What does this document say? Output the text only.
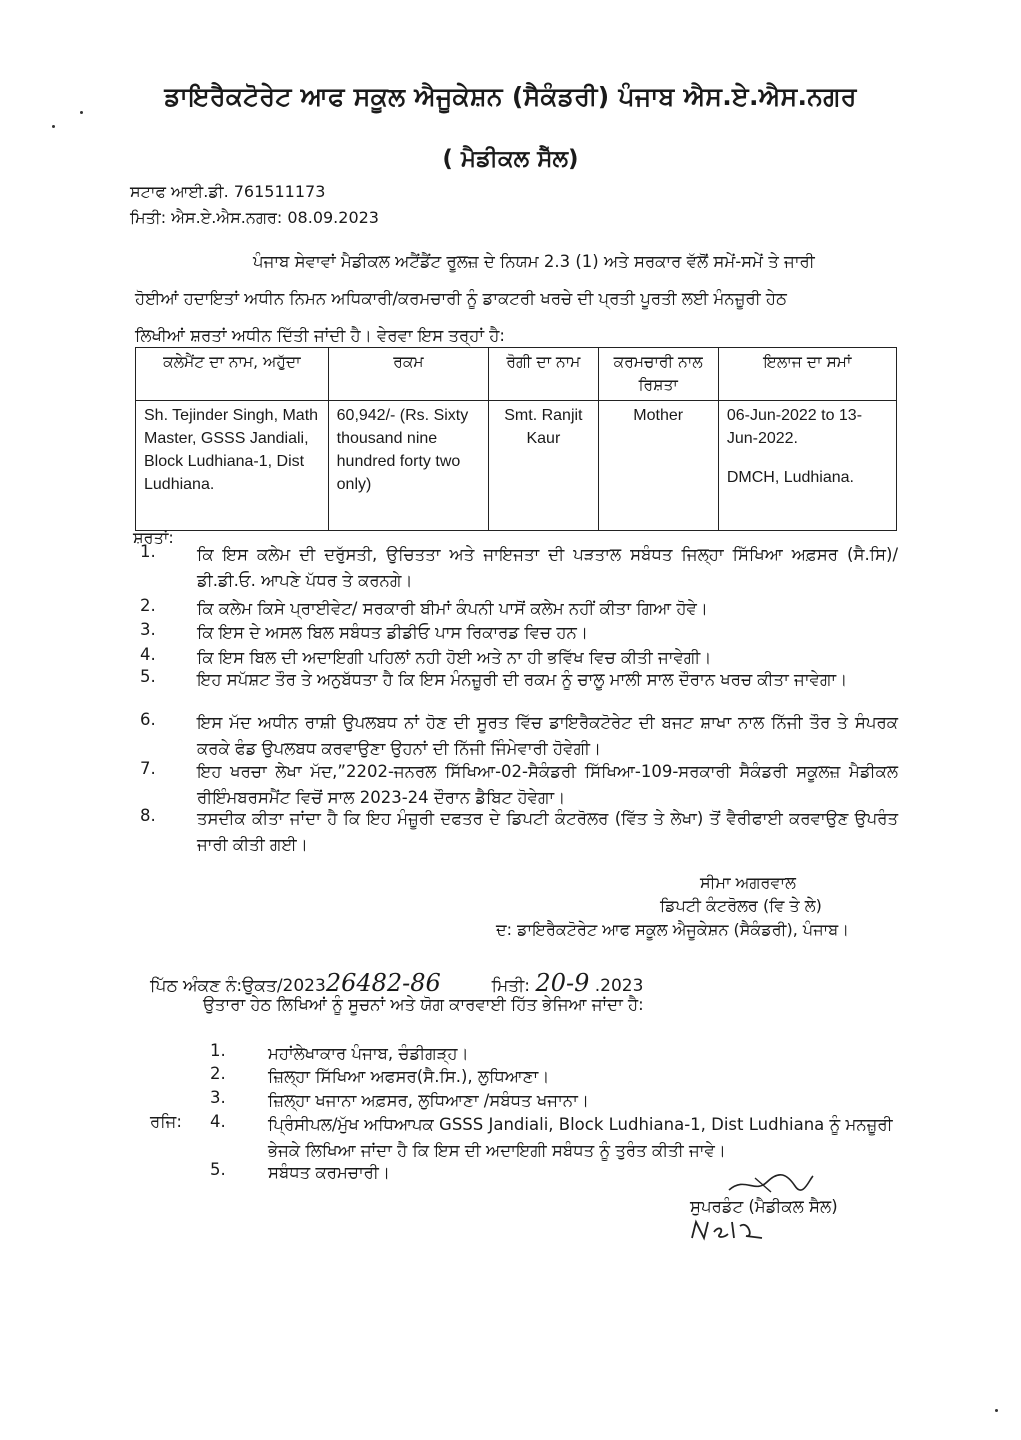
ਡਾਇਰੈਕਟੋਰੇਟ ਆਫ ਸਕੂਲ ਐਜੂਕੇਸ਼ਨ (ਸੈਕੰਡਰੀ) ਪੰਜਾਬ ਐਸ.ਏ.ਐਸ.ਨਗਰ
( ਮੈਡੀਕਲ ਸੈੱਲ)
ਸਟਾਫ ਆਈ.ਡੀ. 761511173
ਮਿਤੀ: ਐਸ.ਏ.ਐਸ.ਨਗਰ: 08.09.2023
ਪੰਜਾਬ ਸੇਵਾਵਾਂ ਮੈਡੀਕਲ ਅਟੈਂਡੈਂਟ ਰੂਲਜ਼ ਦੇ ਨਿਯਮ 2.3 (1) ਅਤੇ ਸਰਕਾਰ ਵੱਲੋਂ ਸਮੇਂ-ਸਮੇਂ ਤੇ ਜਾਰੀ
ਹੋਈਆਂ ਹਦਾਇਤਾਂ ਅਧੀਨ ਨਿਮਨ ਅਧਿਕਾਰੀ/ਕਰਮਚਾਰੀ ਨੂੰ ਡਾਕਟਰੀ ਖਰਚੇ ਦੀ ਪ੍ਰਤੀ ਪੂਰਤੀ ਲਈ ਮੰਨਜ਼ੂਰੀ ਹੇਠ
ਲਿਖੀਆਂ ਸ਼ਰਤਾਂ ਅਧੀਨ ਦਿੱਤੀ ਜਾਂਦੀ ਹੈ। ਵੇਰਵਾ ਇਸ ਤਰ੍ਹਾਂ ਹੈ:
ਕਲੇਮੈਂਟ ਦਾ ਨਾਮ, ਅਹੁੱਦਾ	ਰਕਮ	ਰੋਗੀ ਦਾ ਨਾਮ	ਕਰਮਚਾਰੀ ਨਾਲ ਰਿਸ਼ਤਾ	ਇਲਾਜ ਦਾ ਸਮਾਂ
Sh. Tejinder Singh, Math Master, GSSS Jandiali, Block Ludhiana-1, Dist Ludhiana.	60,942/- (Rs. Sixty thousand nine hundred forty two only)	Smt. Ranjit Kaur	Mother	06-Jun-2022 to 13-Jun-2022.
DMCH, Ludhiana.
ਸ਼ਰਤਾਂ:
1.	ਕਿ ਇਸ ਕਲੇਮ ਦੀ ਦਰੁੱਸਤੀ, ਉਚਿਤਤਾ ਅਤੇ ਜਾਇਜਤਾ ਦੀ ਪੜਤਾਲ ਸਬੰਧਤ ਜਿਲ੍ਹਾ ਸਿੱਖਿਆ ਅਫ਼ਸਰ (ਸੈ.ਸਿ)/ ਡੀ.ਡੀ.ਓ. ਆਪਣੇ ਪੱਧਰ ਤੇ ਕਰਨਗੇ।
2.	ਕਿ ਕਲੇਮ ਕਿਸੇ ਪ੍ਰਾਈਵੇਟ/ ਸਰਕਾਰੀ ਬੀਮਾਂ ਕੰਪਨੀ ਪਾਸੋਂ ਕਲੇਮ ਨਹੀਂ ਕੀਤਾ ਗਿਆ ਹੋਵੇ।
3.	ਕਿ ਇਸ ਦੇ ਅਸਲ ਬਿਲ ਸਬੰਧਤ ਡੀਡੀਓ ਪਾਸ ਰਿਕਾਰਡ ਵਿਚ ਹਨ।
4.	ਕਿ ਇਸ ਬਿਲ ਦੀ ਅਦਾਇਗੀ ਪਹਿਲਾਂ ਨਹੀ ਹੋਈ ਅਤੇ ਨਾ ਹੀ ਭਵਿੱਖ ਵਿਚ ਕੀਤੀ ਜਾਵੇਗੀ।
5.	ਇਹ ਸਪੱਸ਼ਟ ਤੌਰ ਤੇ ਅਨੁਬੱਧਤਾ ਹੈ ਕਿ ਇਸ ਮੰਨਜ਼ੂਰੀ ਦੀ ਰਕਮ ਨੂੰ ਚਾਲੂ ਮਾਲੀ ਸਾਲ ਦੌਰਾਨ ਖਰਚ ਕੀਤਾ ਜਾਵੇਗਾ।
6.	ਇਸ ਮੱਦ ਅਧੀਨ ਰਾਸ਼ੀ ਉਪਲਬਧ ਨਾਂ ਹੋਣ ਦੀ ਸੂਰਤ ਵਿੱਚ ਡਾਇਰੈਕਟੋਰੇਟ ਦੀ ਬਜਟ ਸ਼ਾਖਾ ਨਾਲ ਨਿੱਜੀ ਤੌਰ ਤੇ ਸੰਪਰਕ ਕਰਕੇ ਫੰਡ ਉਪਲਬਧ ਕਰਵਾਉਣਾ ਉਹਨਾਂ ਦੀ ਨਿੱਜੀ ਜਿੰਮੇਵਾਰੀ ਹੋਵੇਗੀ।
7.	ਇਹ ਖਰਚਾ ਲੇਖਾ ਮੱਦ,”2202-ਜਨਰਲ ਸਿੱਖਿਆ-02-ਸੈਕੰਡਰੀ ਸਿੱਖਿਆ-109-ਸਰਕਾਰੀ ਸੈਕੰਡਰੀ ਸਕੂਲਜ਼ ਮੈਡੀਕਲ ਰੀਇੰਮਬਰਸਮੈਂਟ ਵਿਚੋਂ ਸਾਲ 2023-24 ਦੌਰਾਨ ਡੈਬਿਟ ਹੋਵੇਗਾ।
8.	ਤਸਦੀਕ ਕੀਤਾ ਜਾਂਦਾ ਹੈ ਕਿ ਇਹ ਮੰਜ਼ੂਰੀ ਦਫਤਰ ਦੇ ਡਿਪਟੀ ਕੰਟਰੋਲਰ (ਵਿੱਤ ਤੇ ਲੇਖਾ) ਤੋਂ ਵੈਰੀਫਾਈ ਕਰਵਾਉਣ ਉਪਰੰਤ ਜਾਰੀ ਕੀਤੀ ਗਈ।
ਸੀਮਾ ਅਗਰਵਾਲ
ਡਿਪਟੀ ਕੰਟਰੋਲਰ (ਵਿ ਤੇ ਲੇ)
ਦ: ਡਾਇਰੈਕਟੋਰੇਟ ਆਫ ਸਕੂਲ ਐਜੂਕੇਸ਼ਨ (ਸੈਕੰਡਰੀ), ਪੰਜਾਬ।
ਪਿੱਠ ਅੰਕਣ ਨੰ:ਉਕਤ/202326482-86	ਮਿਤੀ: 20-9 .2023
ਉਤਾਰਾ ਹੇਠ ਲਿਖਿਆਂ ਨੂੰ ਸੂਚਨਾਂ ਅਤੇ ਯੋਗ ਕਾਰਵਾਈ ਹਿੱਤ ਭੇਜਿਆ ਜਾਂਦਾ ਹੈ:
1.	ਮਹਾਂਲੇਖਾਕਾਰ ਪੰਜਾਬ, ਚੰਡੀਗੜ੍ਹ।
2.	ਜ਼ਿਲ੍ਹਾ ਸਿੱਖਿਆ ਅਫਸਰ(ਸੈ.ਸਿ.), ਲੁਧਿਆਣਾ।
3.	ਜ਼ਿਲ੍ਹਾ ਖਜਾਨਾ ਅਫ਼ਸਰ, ਲੁਧਿਆਣਾ /ਸਬੰਧਤ ਖਜਾਨਾ।
ਰਜਿ: 4.	ਪ੍ਰਿੰਸੀਪਲ/ਮੁੱਖ ਅਧਿਆਪਕ GSSS Jandiali, Block Ludhiana-1, Dist Ludhiana ਨੂੰ ਮਨਜ਼ੂਰੀ ਭੇਜਕੇ ਲਿਖਿਆ ਜਾਂਦਾ ਹੈ ਕਿ ਇਸ ਦੀ ਅਦਾਇਗੀ ਸਬੰਧਤ ਨੂੰ ਤੁਰੰਤ ਕੀਤੀ ਜਾਵੇ।
5.	ਸਬੰਧਤ ਕਰਮਚਾਰੀ।
ਸੁਪਰਡੰਟ (ਮੈਡੀਕਲ ਸੈਲ)
